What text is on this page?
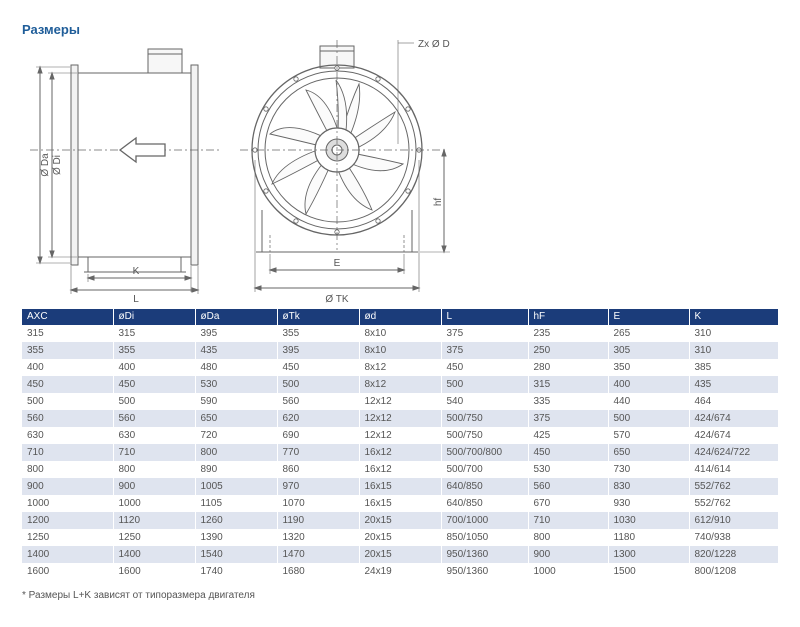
Размеры
Ø Da Ø Di
K
L
E
Ø TK
hf
Zx Ø D
AXC	øDi	øDa	øTk	ød	L	hF	E	K
315	315	395	355	8x10	375	235	265	310
355	355	435	395	8x10	375	250	305	310
400	400	480	450	8x12	450	280	350	385
450	450	530	500	8x12	500	315	400	435
500	500	590	560	12x12	540	335	440	464
560	560	650	620	12x12	500/750	375	500	424/674
630	630	720	690	12x12	500/750	425	570	424/674
710	710	800	770	16x12	500/700/800	450	650	424/624/722
800	800	890	860	16x12	500/700	530	730	414/614
900	900	1005	970	16x15	640/850	560	830	552/762
1000	1000	1105	1070	16x15	640/850	670	930	552/762
1200	1120	1260	1190	20x15	700/1000	710	1030	612/910
1250	1250	1390	1320	20x15	850/1050	800	1180	740/938
1400	1400	1540	1470	20x15	950/1360	900	1300	820/1228
1600	1600	1740	1680	24x19	950/1360	1000	1500	800/1208
* Размеры L+K зависят от типоразмера двигателя
